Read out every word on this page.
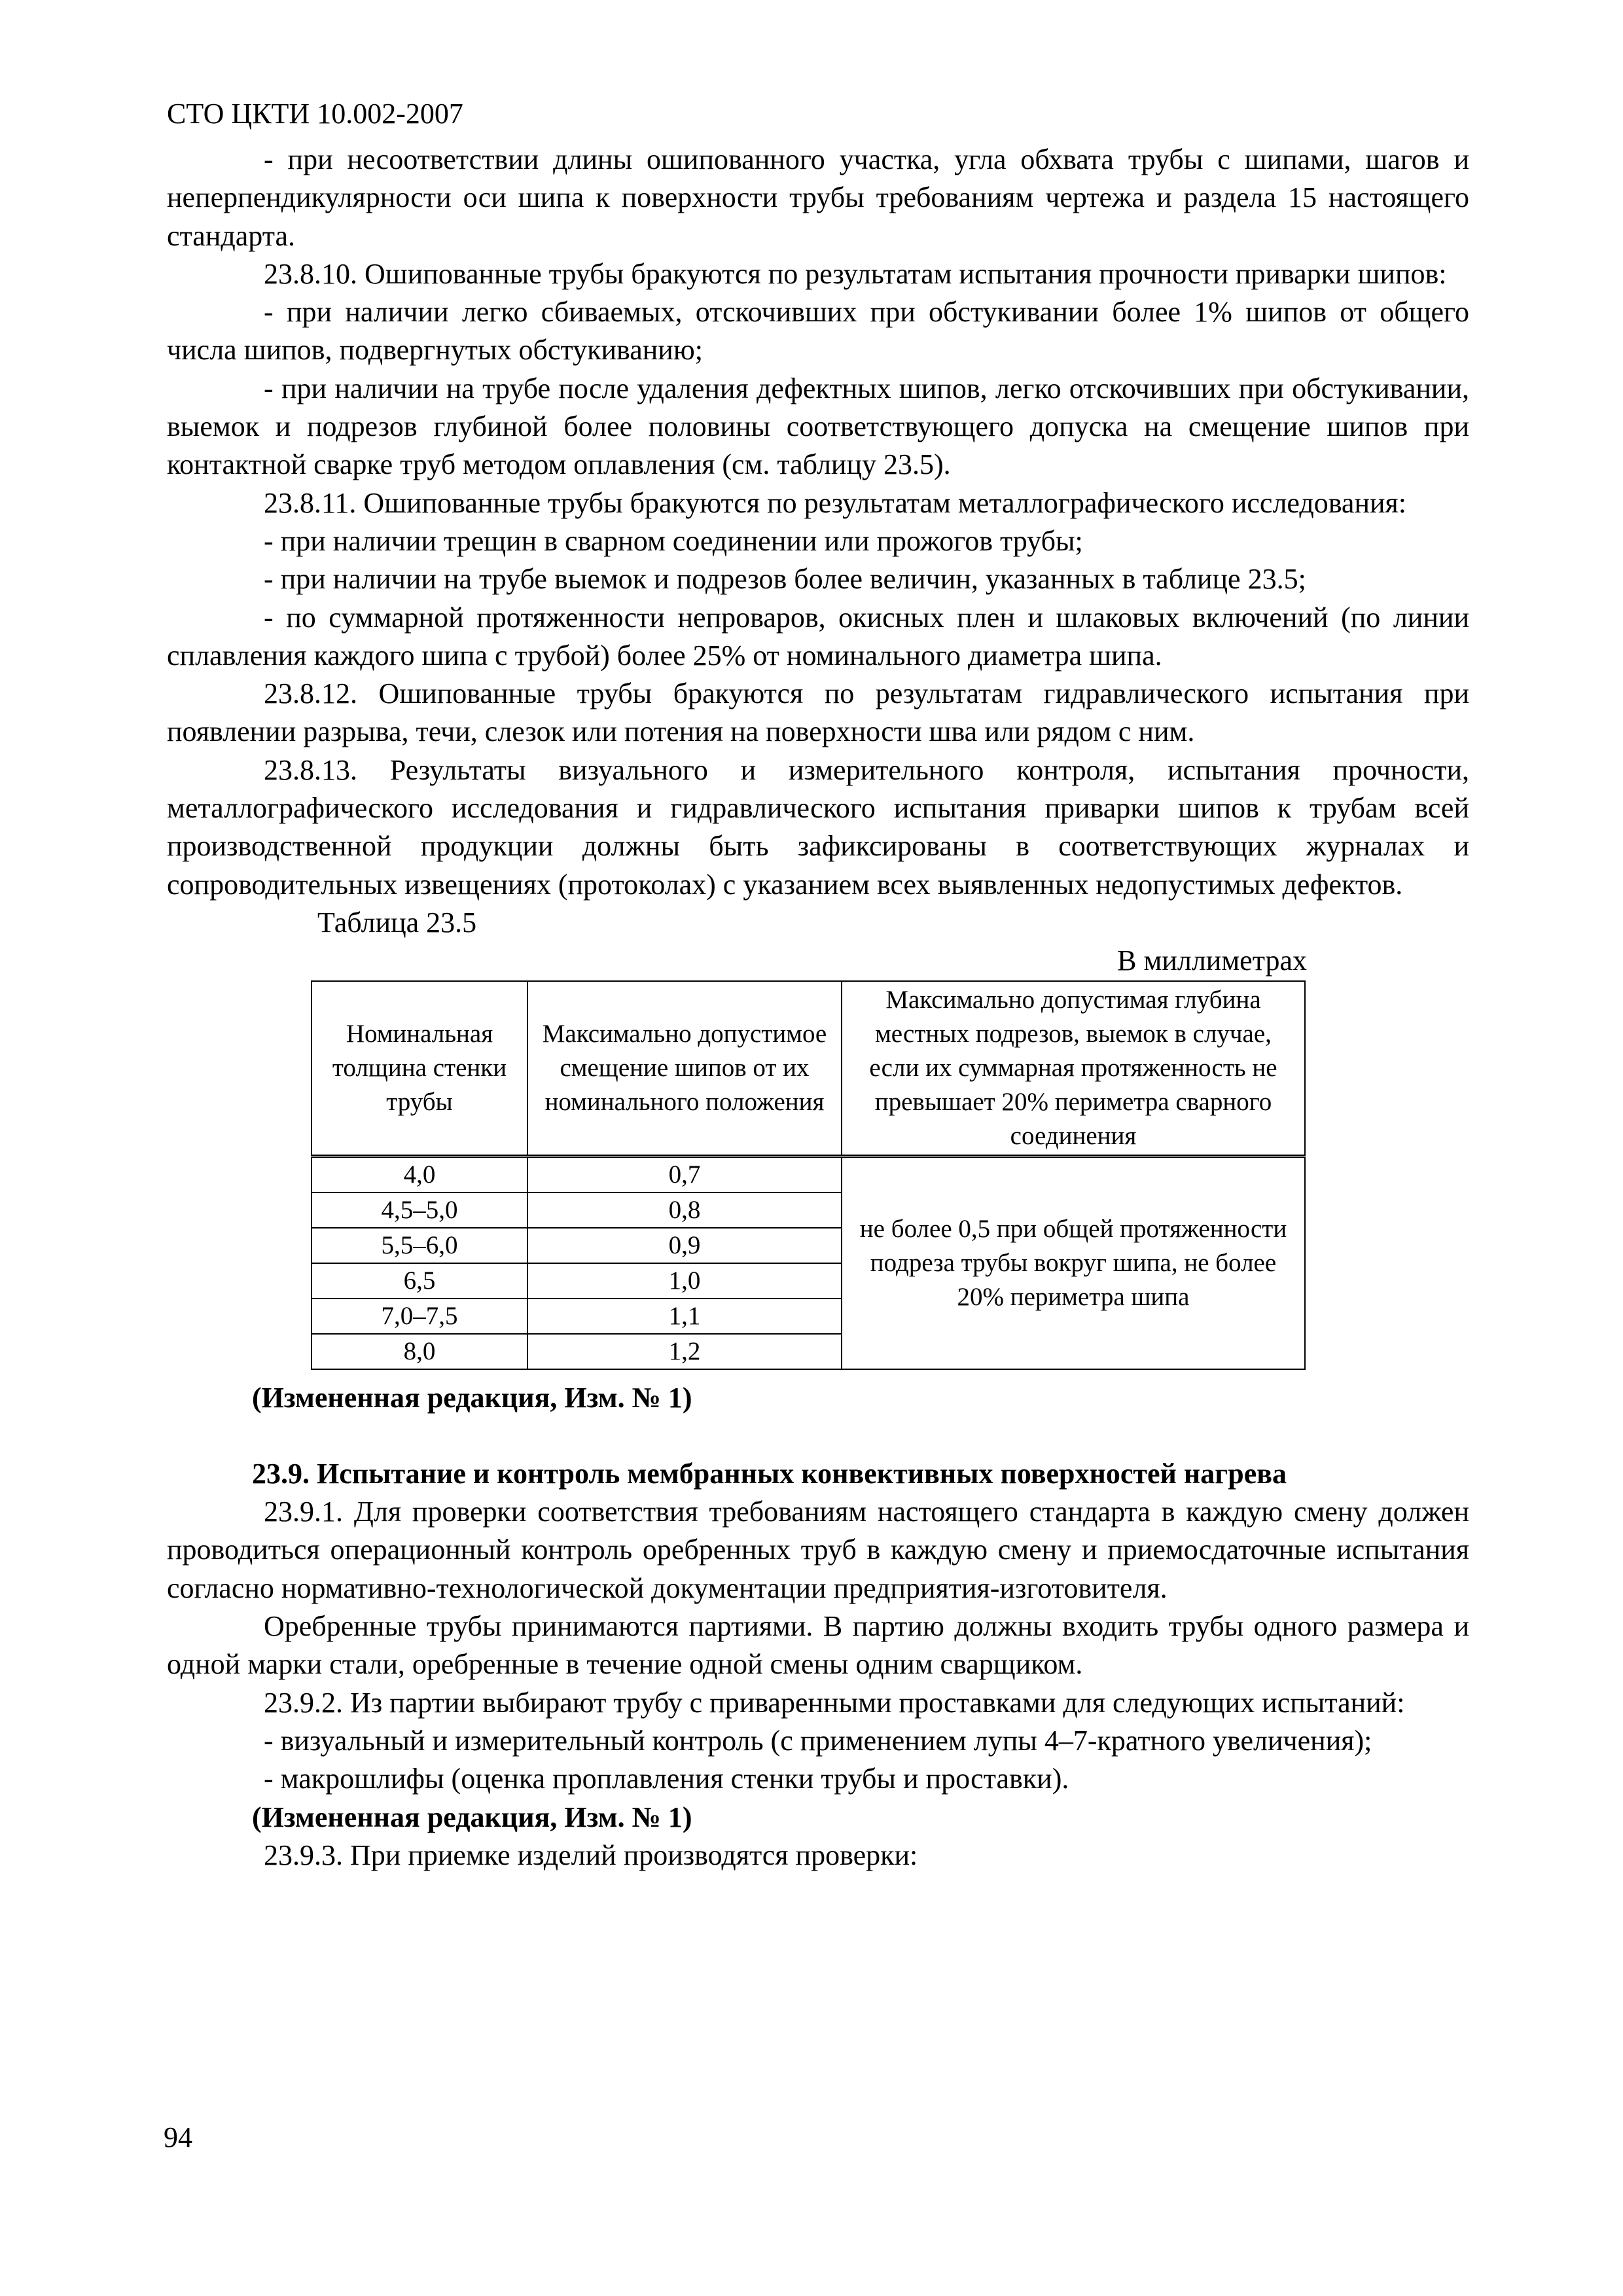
СТО ЦКТИ 10.002-2007

- при несоответствии длины ошипованного участка, угла обхвата трубы с шипами, шагов и неперпендикулярности оси шипа к поверхности трубы требованиям чертежа и раздела 15 настоящего стандарта.

23.8.10. Ошипованные трубы бракуются по результатам испытания прочности приварки шипов:

- при наличии легко сбиваемых, отскочивших при обстукивании более 1% шипов от общего числа шипов, подвергнутых обстукиванию;

- при наличии на трубе после удаления дефектных шипов, легко отскочивших при обстукивании, выемок и подрезов глубиной более половины соответствующего допуска на смещение шипов при контактной сварке труб методом оплавления (см. таблицу 23.5).

23.8.11. Ошипованные трубы бракуются по результатам металлографического исследования:

- при наличии трещин в сварном соединении или прожогов трубы;

- при наличии на трубе выемок и подрезов более величин, указанных в таблице 23.5;

- по суммарной протяженности непроваров, окисных плен и шлаковых включений (по линии сплавления каждого шипа с трубой) более 25% от номинального диаметра шипа.

23.8.12. Ошипованные трубы бракуются по результатам гидравлического испытания при появлении разрыва, течи, слезок или потения на поверхности шва или рядом с ним.

23.8.13. Результаты визуального и измерительного контроля, испытания прочности, металлографического исследования и гидравлического испытания приварки шипов к трубам всей производственной продукции должны быть зафиксированы в соответствующих журналах и сопроводительных извещениях (протоколах) с указанием всех выявленных недопустимых дефектов.

Таблица 23.5

В миллиметрах

Номинальная толщина стенки трубы	Максимально допустимое смещение шипов от их номинального положения	Максимально допустимая глубина местных подрезов, выемок в случае, если их суммарная протяженность не превышает 20% периметра сварного соединения
4,0	0,7	не более 0,5 при общей протяженности подреза трубы вокруг шипа, не более 20% периметра шипа
4,5–5,0	0,8	
5,5–6,0	0,9	
6,5	1,0	
7,0–7,5	1,1	
8,0	1,2	

(Измененная редакция, Изм. № 1)

23.9. Испытание и контроль мембранных конвективных поверхностей нагрева

23.9.1. Для проверки соответствия требованиям настоящего стандарта в каждую смену должен проводиться операционный контроль оребренных труб в каждую смену и приемосдаточные испытания согласно нормативно-технологической документации предприятия-изготовителя.

Оребренные трубы принимаются партиями. В партию должны входить трубы одного размера и одной марки стали, оребренные в течение одной смены одним сварщиком.

23.9.2. Из партии выбирают трубу с приваренными проставками для следующих испытаний:

- визуальный и измерительный контроль (с применением лупы 4–7-кратного увеличения);

- макрошлифы (оценка проплавления стенки трубы и проставки).

(Измененная редакция, Изм. № 1)

23.9.3. При приемке изделий производятся проверки:

94
